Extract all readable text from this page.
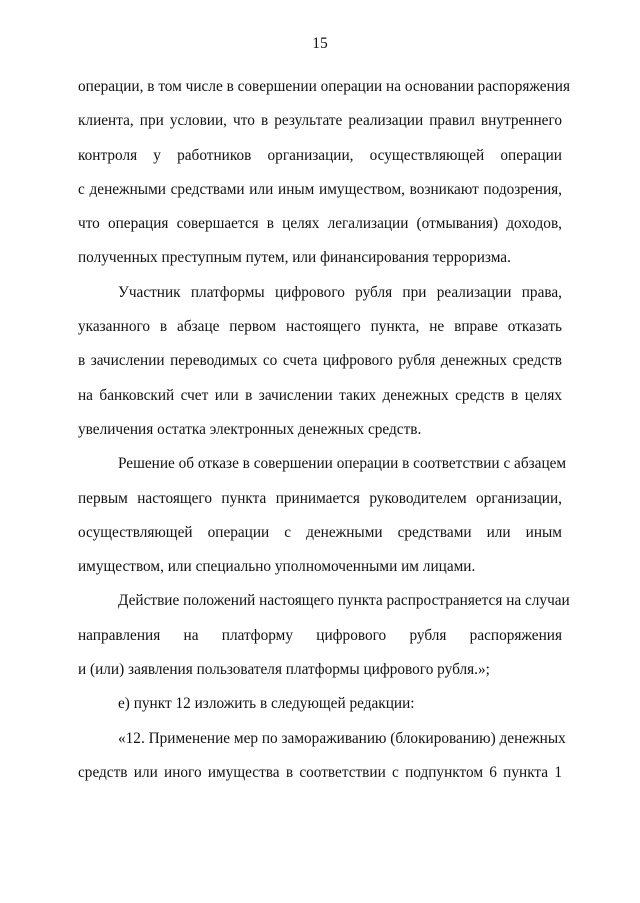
15
операции, в том числе в совершении операции на основании распоряжения
клиента, при условии, что в результате реализации правил внутреннего
контроля у работников организации, осуществляющей операции
с денежными средствами или иным имуществом, возникают подозрения,
что операция совершается в целях легализации (отмывания) доходов,
полученных преступным путем, или финансирования терроризма.
Участник платформы цифрового рубля при реализации права,
указанного в абзаце первом настоящего пункта, не вправе отказать
в зачислении переводимых со счета цифрового рубля денежных средств
на банковский счет или в зачислении таких денежных средств в целях
увеличения остатка электронных денежных средств.
Решение об отказе в совершении операции в соответствии с абзацем
первым настоящего пункта принимается руководителем организации,
осуществляющей операции с денежными средствами или иным
имуществом, или специально уполномоченными им лицами.
Действие положений настоящего пункта распространяется на случаи
направления на платформу цифрового рубля распоряжения
и (или) заявления пользователя платформы цифрового рубля.»;
е) пункт 12 изложить в следующей редакции:
«12. Применение мер по замораживанию (блокированию) денежных
средств или иного имущества в соответствии с подпунктом 6 пункта 1
